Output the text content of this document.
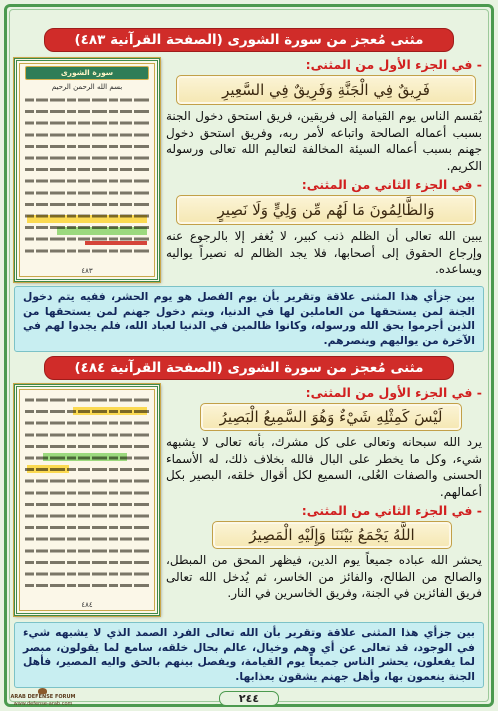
مثنى مُعجز من سورة الشورى (الصفحة القرآنية ٤٨٣)
سورة الشورى
بسم الله الرحمن الرحيم
٤٨٣
- في الجزء الأول من المثنى:
فَرِيقٌ فِي الْجَنَّةِ وَفَرِيقٌ فِي السَّعِيرِ
يُقسم الناس يوم القيامة إلى فريقين، فريق استحق دخول الجنة بسبب أعماله الصالحة واتباعه لأمر ربه، وفريق استحق دخول جهنم بسبب أعماله السيئة المخالفة لتعاليم الله تعالى ورسوله الكريم.
- في الجزء الثاني من المثنى:
وَالظَّالِمُونَ مَا لَهُم مِّن وَلِيٍّ وَلَا نَصِيرٍ
يبين الله تعالى أن الظلم ذنب كبير، لا يُغفر إلا بالرجوع عنه وإرجاع الحقوق إلى أصحابها، فلا يجد الظالم له نصيراً يواليه ويساعده.
بين جزأي هذا المثنى علاقة وتقرير بأن يوم الفصل هو يوم الحشر، ففيه يتم دخول الجنة لمن يستحقها من العاملين لها في الدنيا، ويتم دخول جهنم لمن يستحقها من الذين أجرموا بحق الله ورسوله، وكانوا ظالمين في الدنيا لعباد الله، فلم يجدوا لهم في الآخرة من يواليهم وينصرهم.
مثنى مُعجز من سورة الشورى (الصفحة القرآنية ٤٨٤)
٤٨٤
- في الجزء الأول من المثنى:
لَيْسَ كَمِثْلِهِ شَيْءٌ وَهُوَ السَّمِيعُ الْبَصِيرُ
يرد الله سبحانه وتعالى على كل مشرك، بأنه تعالى لا يشبهه شيء، وكل ما يخطر على البال فالله بخلاف ذلك، له الأسماء الحسنى والصفات العُلى، السميع لكل أقوال خلقه، البصير بكل أعمالهم.
- في الجزء الثاني من المثنى:
اللَّهُ يَجْمَعُ بَيْنَنَا وَإِلَيْهِ الْمَصِيرُ
يحشر الله عباده جميعاً يوم الدين، فيظهر المحق من المبطل، والصالح من الطالح، والفائز من الخاسر، ثم يُدخل الله تعالى فريق الفائزين في الجنة، وفريق الخاسرين في النار.
بين جزأي هذا المثنى علاقة وتقرير بأن الله تعالى الفرد الصمد الذي لا يشبهه شيء في الوجود، قد تعالى عن أي وهم وخيال، عالم بحال خلقه، سامع لما يقولون، مبصر لما يفعلون، يحشر الناس جميعاً يوم القيامة، ويفصل بينهم بالحق واليه المصير، فأهل الجنة ينعمون بها، وأهل جهنم يشقون بعذابها.
٢٤٤
ARAB DEFENSE FORUM
www.defense-arab.com
